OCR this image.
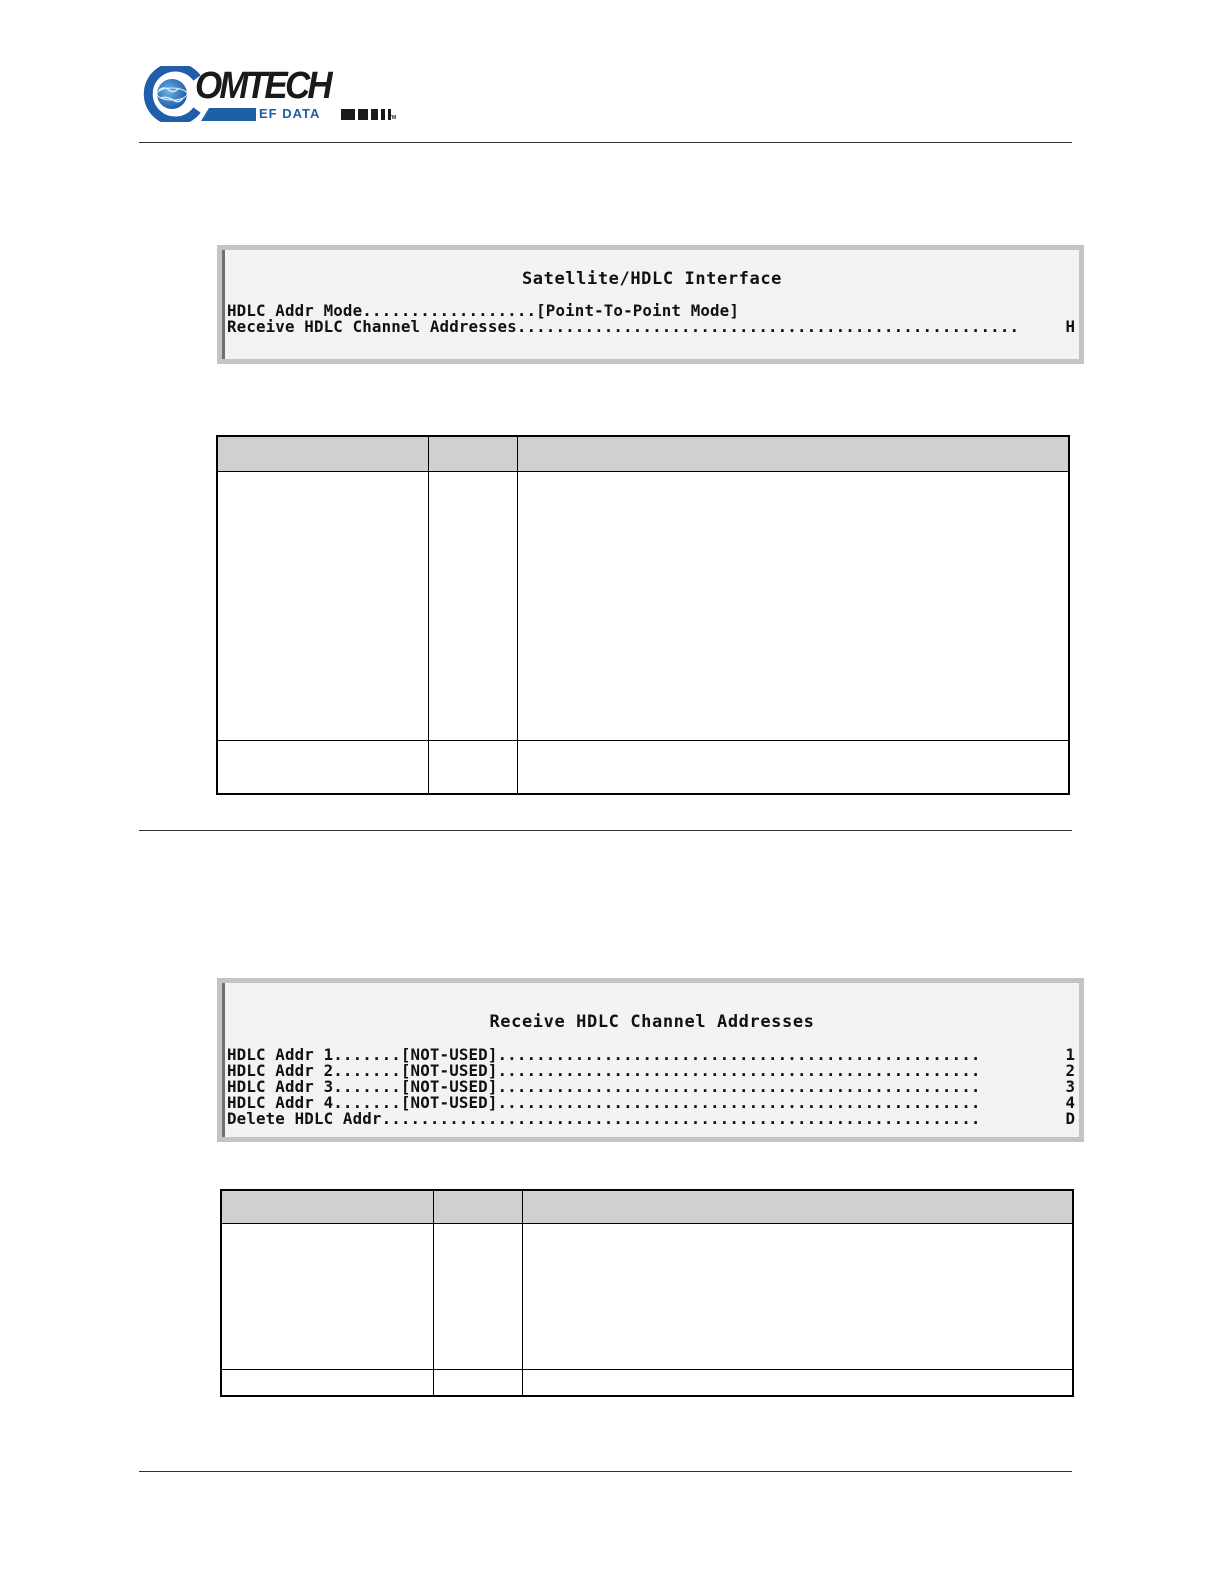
OMTECH
EF DATA	TM
Satellite/HDLC Interface
HDLC Addr Mode..................[Point-To-Point Mode]
Receive HDLC Channel Addresses....................................................	H

Receive HDLC Channel Addresses
HDLC Addr 1.......[NOT-USED]..................................................	1
HDLC Addr 2.......[NOT-USED]..................................................	2
HDLC Addr 3.......[NOT-USED]..................................................	3
HDLC Addr 4.......[NOT-USED]..................................................	4
Delete HDLC Addr..............................................................	D
